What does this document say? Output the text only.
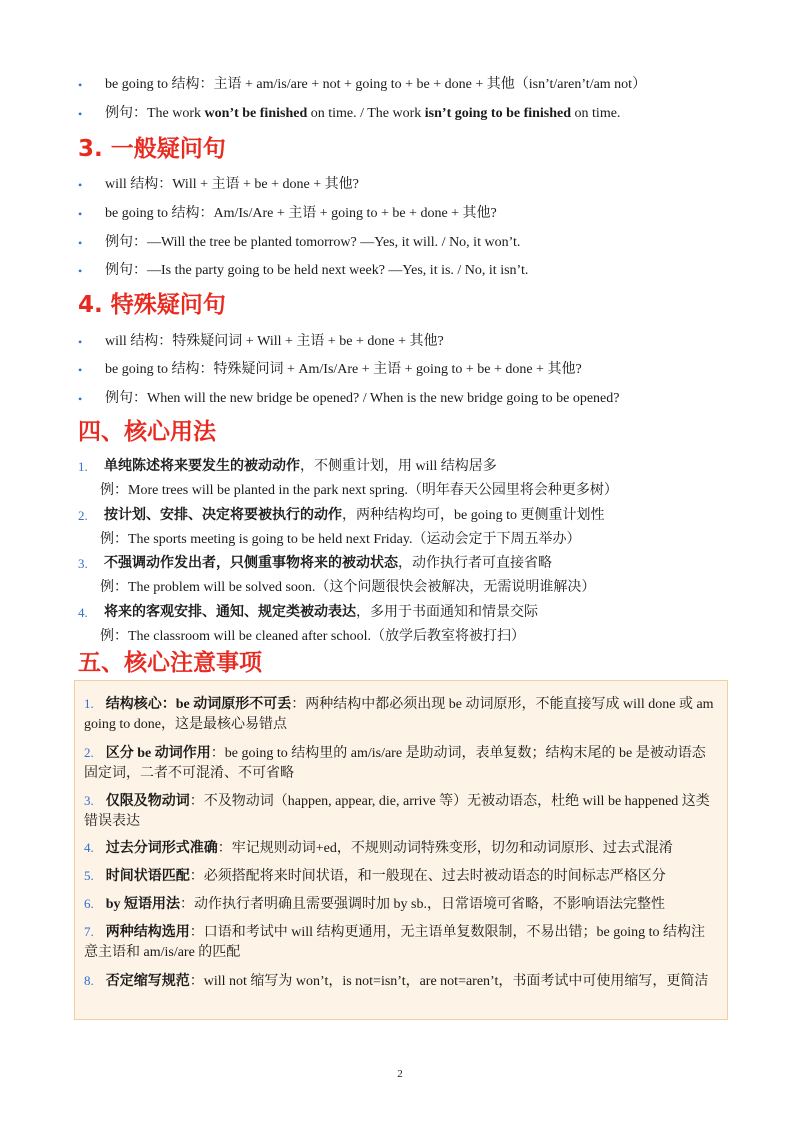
• be going to 结构：主语 + am/is/are + not + going to + be + done + 其他（isn’t/aren’t/am not）
• 例句：The work won’t be finished on time. / The work isn’t going to be finished on time.
3. 一般疑问句
• will 结构：Will + 主语 + be + done + 其他?
• be going to 结构：Am/Is/Are + 主语 + going to + be + done + 其他?
• 例句：—Will the tree be planted tomorrow? —Yes, it will. / No, it won’t.
• 例句：—Is the party going to be held next week? —Yes, it is. / No, it isn’t.
4. 特殊疑问句
• will 结构：特殊疑问词 + Will + 主语 + be + done + 其他?
• be going to 结构：特殊疑问词 + Am/Is/Are + 主语 + going to + be + done + 其他?
• 例句：When will the new bridge be opened? / When is the new bridge going to be opened?
四、核心用法
1. 单纯陈述将来要发生的被动动作，不侧重计划，用 will 结构居多
例：More trees will be planted in the park next spring.（明年春天公园里将会种更多树）
2. 按计划、安排、决定将要被执行的动作，两种结构均可，be going to 更侧重计划性
例：The sports meeting is going to be held next Friday.（运动会定于下周五举办）
3. 不强调动作发出者，只侧重事物将来的被动状态，动作执行者可直接省略
例：The problem will be solved soon.（这个问题很快会被解决，无需说明谁解决）
4. 将来的客观安排、通知、规定类被动表达，多用于书面通知和情景交际
例：The classroom will be cleaned after school.（放学后教室将被打扫）
五、核心注意事项
1. 结构核心：be 动词原形不可丢：两种结构中都必须出现 be 动词原形，不能直接写成 will done 或 am going to done，这是最核心易错点
2. 区分 be 动词作用：be going to 结构里的 am/is/are 是助动词，表单复数；结构末尾的 be 是被动语态固定词，二者不可混淆、不可省略
3. 仅限及物动词：不及物动词（happen, appear, die, arrive 等）无被动语态，杜绝 will be happened 这类错误表达
4. 过去分词形式准确：牢记规则动词+ed，不规则动词特殊变形，切勿和动词原形、过去式混淆
5. 时间状语匹配：必须搭配将来时间状语，和一般现在、过去时被动语态的时间标志严格区分
6. by 短语用法：动作执行者明确且需要强调时加 by sb.，日常语境可省略，不影响语法完整性
7. 两种结构选用：口语和考试中 will 结构更通用，无主语单复数限制，不易出错；be going to 结构注意主语和 am/is/are 的匹配
8. 否定缩写规范：will not 缩写为 won’t，is not=isn’t，are not=aren’t，书面考试中可使用缩写，更简洁
2
